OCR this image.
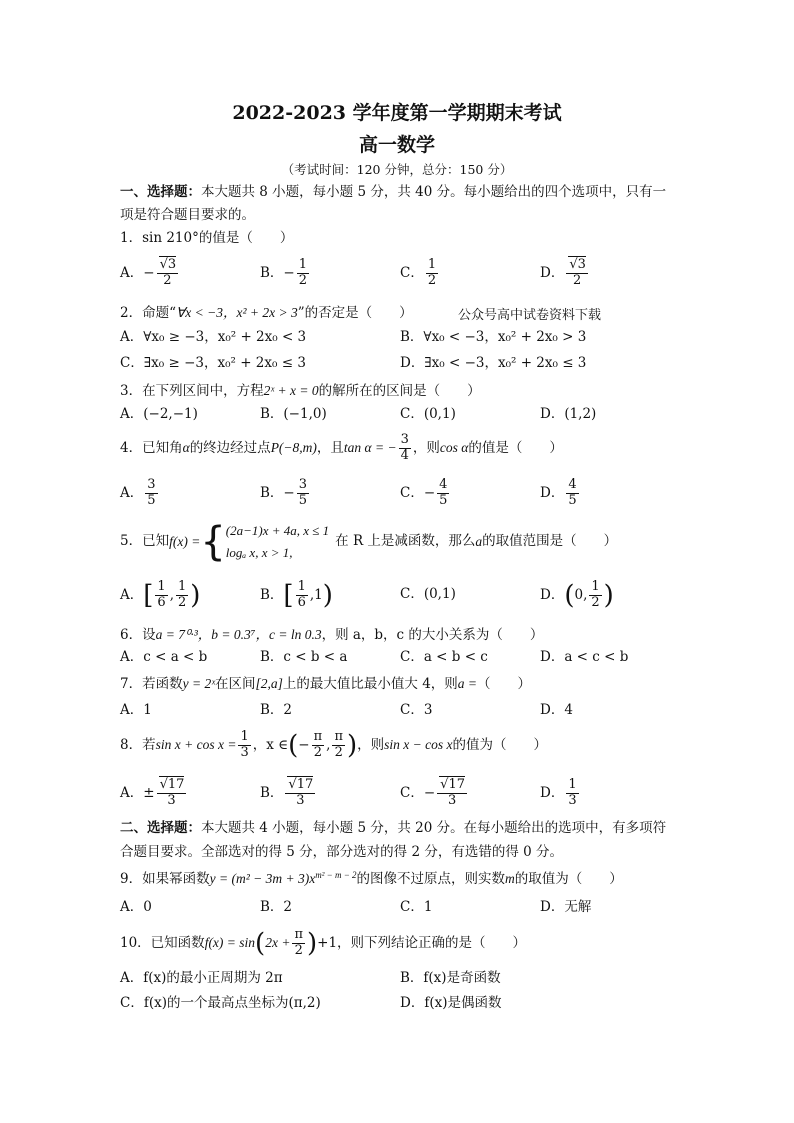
2022-2023 学年度第一学期期末考试
高一数学
（考试时间：120 分钟，总分：150 分）
一、选择题：本大题共 8 小题，每小题 5 分，共 40 分。每小题给出的四个选项中，只有一
项是符合题目要求的。
1．sin 210°的值是（　　）
A．− √ $\frac{3}{2}$	B．− $\frac{1}{2}$	C． $\frac{1}{2}$	D． √ $\frac{3}{2}$
2．命题“∀x < −3，x² + 2x > 3”的否定是（　　）	公众号高中试卷资料下载
A．∀x₀ ≥ −3，x₀² + 2x₀ < 3	B．∀x₀ < −3，x₀² + 2x₀ > 3
C．∃x₀ ≥ −3，x₀² + 2x₀ ≤ 3	D．∃x₀ < −3，x₀² + 2x₀ ≤ 3
3．在下列区间中，方程2ˣ + x = 0的解所在的区间是（　　）
A．(−2,−1)	B．(−1,0)	C．(0,1)	D．(1,2)
4．已知角α的终边经过点P(−8,m)，且tan α = − $\frac{3}{4}$ ，则cos α的值是（　　）
A． $\frac{3}{5}$	B．− $\frac{3}{5}$	C．− $\frac{4}{5}$	D． $\frac{4}{5}$
5．已知 f(x) = { (2a−1)x + 4a, x ≤ 1
logₐ x, x > 1,
在 R 上是减函数，那么 a 的取值范围是（　　）
A．[ $\frac{1}{6}$ , $\frac{1}{2}$ )	B．[ $\frac{1}{6} ,1$)	C．(0,1)	D．(0, $\frac{1}{2}$ )
6．设a = 7⁰·³，b = 0.3⁷，c = ln 0.3，则 a，b，c 的大小关系为（　　）
A．c < a < b	B．c < b < a	C．a < b < c	D．a < c < b
7．若函数y = 2ˣ在区间[2,a]上的最大值比最小值大 4，则a =（　　）
A．1	B．2	C．3	D．4
8．若$\sin x + \cos x = \frac{1}{3}$ ，x ∈(− $\frac{\pi}{2}$ , $\frac{\pi}{2}$ )，则sin x − cos x的值为（　　）
A．± √ $\frac{17}{3}$	B． √ $\frac{17}{3}$	C．− √ $\frac{17}{3}$	D． $\frac{1}{3}$
二、选择题：本大题共 4 小题，每小题 5 分，共 20 分。在每小题给出的选项中，有多项符
合题目要求。全部选对的得 5 分，部分选对的得 2 分，有选错的得 0 分。
9．如果幂函数$y = (m^2 - 3m + 3)x^{m^2 - m - 2}$的图像不过原点，则实数m的取值为（　　）
A．0	B．2	C．1	D．无解
10．已知函数$f(x) = \sin(2x + \frac{\pi}{2} )+1$，则下列结论正确的是（　　）
A．f(x)的最小正周期为 2π	B．f(x)是奇函数
C．f(x)的一个最高点坐标为(π,2)	D．f(x)是偶函数
